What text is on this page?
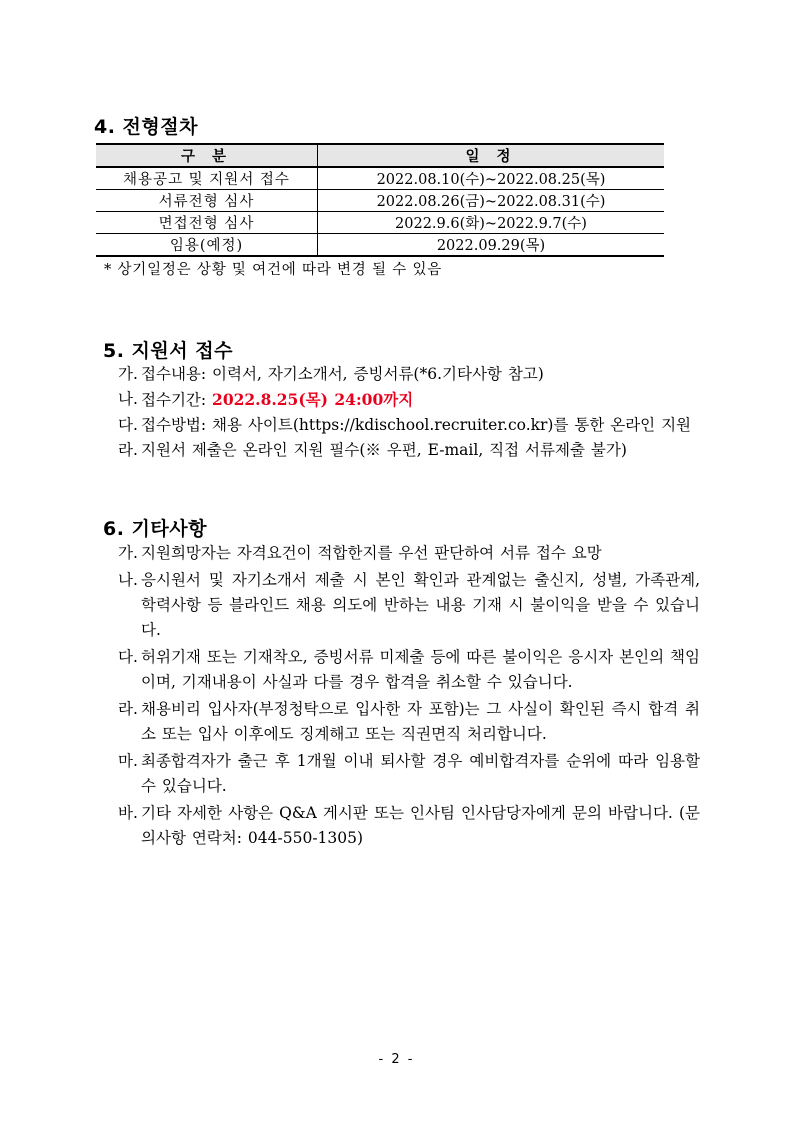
4. 전형절차
구 분	일 정
채용공고 및 지원서 접수	2022.08.10(수)~2022.08.25(목)
서류전형 심사	2022.08.26(금)~2022.08.31(수)
면접전형 심사	2022.9.6(화)~2022.9.7(수)
임용(예정)	2022.09.29(목)
* 상기일정은 상황 및 여건에 따라 변경 될 수 있음
5. 지원서 접수
가. 접수내용: 이력서, 자기소개서, 증빙서류(*6.기타사항 참고)
나. 접수기간: 2022.8.25(목) 24:00까지
다. 접수방법: 채용 사이트(https://kdischool.recruiter.co.kr)를 통한 온라인 지원
라. 지원서 제출은 온라인 지원 필수(※ 우편, E-mail, 직접 서류제출 불가)
6. 기타사항
가. 지원희망자는 자격요건이 적합한지를 우선 판단하여 서류 접수 요망
나. 응시원서 및 자기소개서 제출 시 본인 확인과 관계없는 출신지, 성별, 가족관계, 학력사항 등 블라인드 채용 의도에 반하는 내용 기재 시 불이익을 받을 수 있습니다.
다. 허위기재 또는 기재착오, 증빙서류 미제출 등에 따른 불이익은 응시자 본인의 책임이며, 기재내용이 사실과 다를 경우 합격을 취소할 수 있습니다.
라. 채용비리 입사자(부정청탁으로 입사한 자 포함)는 그 사실이 확인된 즉시 합격 취소 또는 입사 이후에도 징계해고 또는 직권면직 처리합니다.
마. 최종합격자가 출근 후 1개월 이내 퇴사할 경우 예비합격자를 순위에 따라 임용할 수 있습니다.
바. 기타 자세한 사항은 Q&A 게시판 또는 인사팀 인사담당자에게 문의 바랍니다. (문의사항 연락처: 044-550-1305)
- 2 -
